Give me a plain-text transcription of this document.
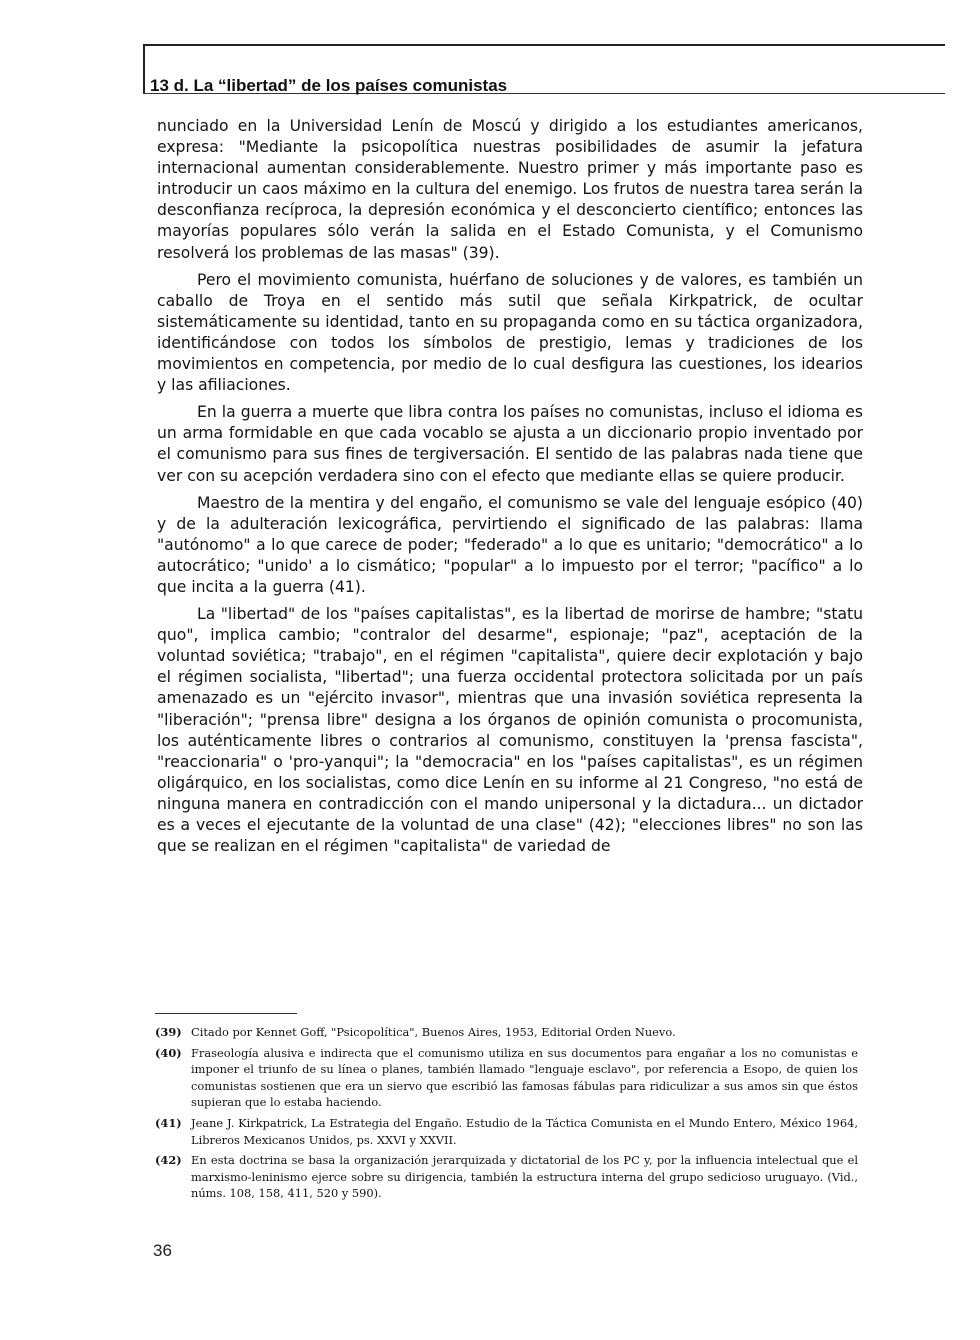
13 d. La “libertad” de los países comunistas

nunciado en la Universidad Lenín de Moscú y dirigido a los estudiantes americanos, expresa: "Mediante la psicopolítica nuestras posibilidades de asumir la jefatura internacional aumentan considerablemente. Nuestro primer y más importante paso es introducir un caos máximo en la cultura del enemigo. Los frutos de nuestra tarea serán la desconfianza recíproca, la depresión económica y el desconcierto científico; entonces las mayorías populares sólo verán la salida en el Estado Comunista, y el Comunismo resolverá los problemas de las masas" (39).

Pero el movimiento comunista, huérfano de soluciones y de valores, es también un caballo de Troya en el sentido más sutil que señala Kirkpatrick, de ocultar sistemáticamente su identidad, tanto en su propaganda como en su táctica organizadora, identificándose con todos los símbolos de prestigio, lemas y tradiciones de los movimientos en competencia, por medio de lo cual desfigura las cuestiones, los idearios y las afiliaciones.

En la guerra a muerte que libra contra los países no comunistas, incluso el idioma es un arma formidable en que cada vocablo se ajusta a un diccionario propio inventado por el comunismo para sus fines de tergiversación. El sentido de las palabras nada tiene que ver con su acepción verdadera sino con el efecto que mediante ellas se quiere producir.

Maestro de la mentira y del engaño, el comunismo se vale del lenguaje esópico (40) y de la adulteración lexicográfica, pervirtiendo el significado de las palabras: llama "autónomo" a lo que carece de poder; "federado" a lo que es unitario; "democrático" a lo autocrático; "unido' a lo cismático; "popular" a lo impuesto por el terror; "pacífico" a lo que incita a la guerra (41).

La "libertad" de los "países capitalistas", es la libertad de morirse de hambre; "statu quo", implica cambio; "contralor del desarme", espionaje; "paz", aceptación de la voluntad soviética; "trabajo", en el régimen "capitalista", quiere decir explotación y bajo el régimen socialista, "libertad"; una fuerza occidental protectora solicitada por un país amenazado es un "ejército invasor", mientras que una invasión soviética representa la "liberación"; "prensa libre" designa a los órganos de opinión comunista o procomunista, los auténticamente libres o contrarios al comunismo, constituyen la 'prensa fascista", "reaccionaria" o 'pro-yanqui"; la "democracia" en los "países capitalistas", es un régimen oligárquico, en los socialistas, como dice Lenín en su informe al 21 Congreso, "no está de ninguna manera en contradicción con el mando unipersonal y la dictadura... un dictador es a veces el ejecutante de la voluntad de una clase" (42); "elecciones libres" no son las que se realizan en el régimen "capitalista" de variedad de

(39) Citado por Kennet Goff, "Psicopolítica", Buenos Aires, 1953, Editorial Orden Nuevo.
(40) Fraseología alusiva e indirecta que el comunismo utiliza en sus documentos para engañar a los no comunistas e imponer el triunfo de su línea o planes, también llamado "lenguaje esclavo", por referencia a Esopo, de quien los comunistas sostienen que era un siervo que escribió las famosas fábulas para ridiculizar a sus amos sin que éstos supieran que lo estaba haciendo.
(41) Jeane J. Kirkpatrick, La Estrategia del Engaño. Estudio de la Táctica Comunista en el Mundo Entero, México 1964, Libreros Mexicanos Unidos, ps. XXVI y XXVII.
(42) En esta doctrina se basa la organización jerarquizada y dictatorial de los PC y, por la influencia intelectual que el marxismo-leninismo ejerce sobre su dirigencia, también la estructura interna del grupo sedicioso uruguayo. (Vid., núms. 108, 158, 411, 520 y 590).
36
